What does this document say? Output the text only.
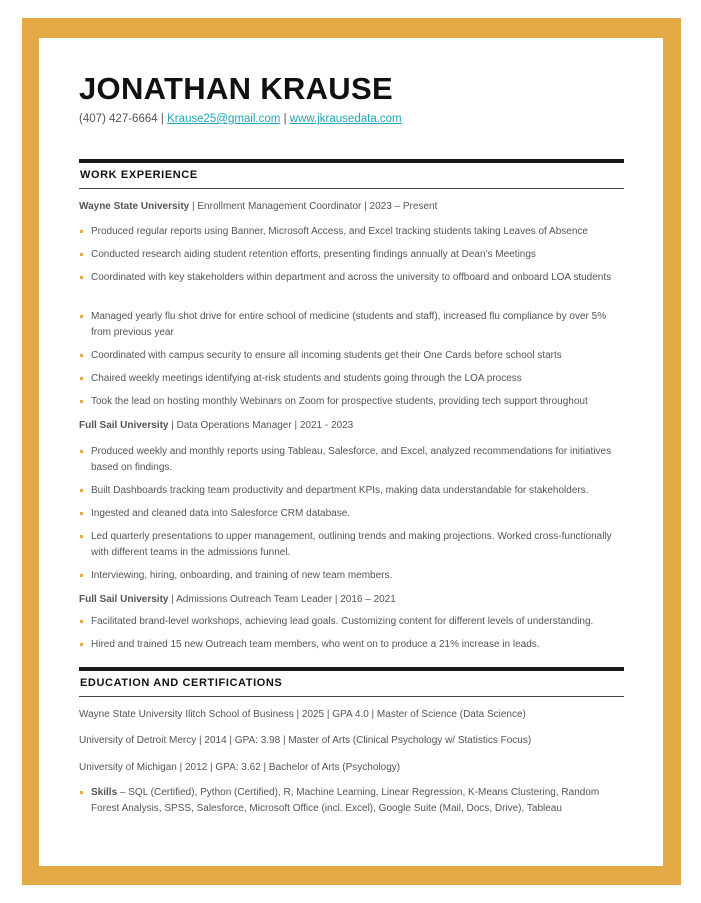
JONATHAN KRAUSE
(407) 427-6664 | Krause25@gmail.com | www.jkrausedata.com
WORK EXPERIENCE
Wayne State University | Enrollment Management Coordinator | 2023 – Present
Produced regular reports using Banner, Microsoft Access, and Excel tracking students taking Leaves of Absence
Conducted research aiding student retention efforts, presenting findings annually at Dean’s Meetings
Coordinated with key stakeholders within department and across the university to offboard and onboard LOA students
Managed yearly flu shot drive for entire school of medicine (students and staff), increased flu compliance by over 5% from previous year
Coordinated with campus security to ensure all incoming students get their One Cards before school starts
Chaired weekly meetings identifying at-risk students and students going through the LOA process
Took the lead on hosting monthly Webinars on Zoom for prospective students, providing tech support throughout
Full Sail University | Data Operations Manager | 2021 - 2023
Produced weekly and monthly reports using Tableau, Salesforce, and Excel, analyzed recommendations for initiatives based on findings.
Built Dashboards tracking team productivity and department KPIs, making data understandable for stakeholders.
Ingested and cleaned data into Salesforce CRM database.
Led quarterly presentations to upper management, outlining trends and making projections. Worked cross-functionally with different teams in the admissions funnel.
Interviewing, hiring, onboarding, and training of new team members.
Full Sail University | Admissions Outreach Team Leader | 2016 – 2021
Facilitated brand-level workshops, achieving lead goals. Customizing content for different levels of understanding.
Hired and trained 15 new Outreach team members, who went on to produce a 21% increase in leads.
EDUCATION AND CERTIFICATIONS
Wayne State University Ilitch School of Business | 2025 | GPA 4.0 | Master of Science (Data Science)
University of Detroit Mercy | 2014 | GPA: 3.98 | Master of Arts (Clinical Psychology w/ Statistics Focus)
University of Michigan | 2012 | GPA: 3.62 | Bachelor of Arts (Psychology)
Skills – SQL (Certified), Python (Certified), R, Machine Learning, Linear Regression, K-Means Clustering, Random Forest Analysis, SPSS, Salesforce, Microsoft Office (incl. Excel), Google Suite (Mail, Docs, Drive), Tableau
